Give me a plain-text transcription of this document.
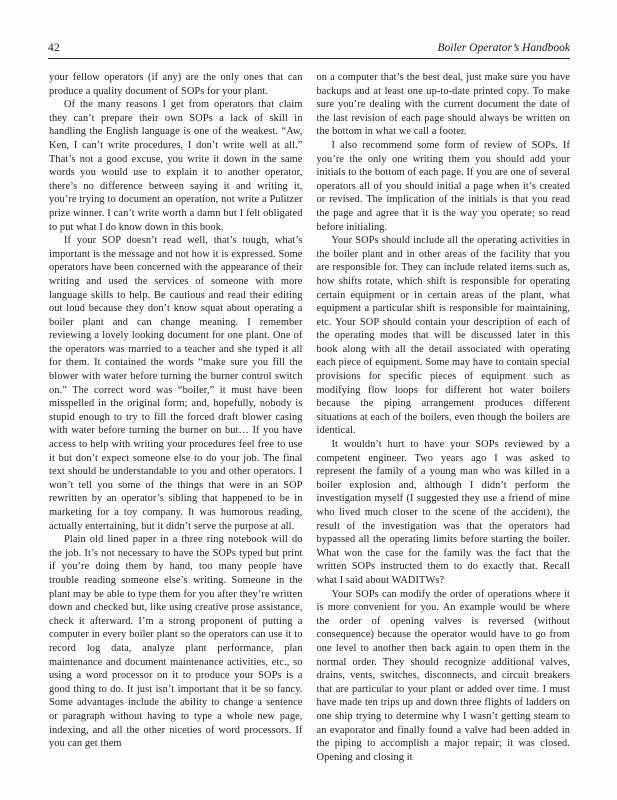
42	Boiler Operator’s Handbook

your fellow operators (if any) are the only ones that can produce a quality document of SOPs for your plant.

Of the many reasons I get from operators that claim they can’t prepare their own SOPs a lack of skill in handling the English language is one of the weakest. “Aw, Ken, I can’t write procedures, I don’t write well at all.” That’s not a good excuse, you write it down in the same words you would use to explain it to another operator, there’s no difference between saying it and writing it, you’re trying to document an operation, not write a Pulitzer prize winner. I can’t write worth a damn but I felt obligated to put what I do know down in this book.

If your SOP doesn’t read well, that’s tough, what’s important is the message and not how it is expressed. Some operators have been concerned with the appearance of their writing and used the services of someone with more language skills to help. Be cautious and read their editing out loud because they don’t know squat about operating a boiler plant and can change meaning. I remember reviewing a lovely looking document for one plant. One of the operators was married to a teacher and she typed it all for them. It contained the words “make sure you fill the blower with water before turning the burner control switch on.” The correct word was “boiler,” it must have been misspelled in the original form; and, hopefully, nobody is stupid enough to try to fill the forced draft blower casing with water before turning the burner on but… If you have access to help with writing your procedures feel free to use it but don’t expect someone else to do your job. The final text should be understandable to you and other operators. I won’t tell you some of the things that were in an SOP rewritten by an operator’s sibling that happened to be in marketing for a toy company. It was humorous reading, actually entertaining, but it didn’t serve the purpose at all.

Plain old lined paper in a three ring notebook will do the job. It’s not necessary to have the SOPs typed but print if you’re doing them by hand, too many people have trouble reading someone else’s writing. Someone in the plant may be able to type them for you after they’re written down and checked but, like using creative prose assistance, check it afterward. I’m a strong proponent of putting a computer in every boiler plant so the operators can use it to record log data, analyze plant performance, plan maintenance and document maintenance activities, etc., so using a word processor on it to produce your SOPs is a good thing to do. It just isn’t important that it be so fancy. Some advantages include the ability to change a sentence or paragraph without having to type a whole new page, indexing, and all the other niceties of word processors. If you can get them

on a computer that’s the best deal, just make sure you have backups and at least one up-to-date printed copy. To make sure you’re dealing with the current document the date of the last revision of each page should always be written on the bottom in what we call a footer.

I also recommend some form of review of SOPs. If you’re the only one writing them you should add your initials to the bottom of each page. If you are one of several operators all of you should initial a page when it’s created or revised. The implication of the initials is that you read the page and agree that it is the way you operate; so read before initialing.

Your SOPs should include all the operating activities in the boiler plant and in other areas of the facility that you are responsible for. They can include related items such as, how shifts rotate, which shift is responsible for operating certain equipment or in certain areas of the plant, what equipment a particular shift is responsible for maintaining, etc. Your SOP should contain your description of each of the operating modes that will be discussed later in this book along with all the detail associated with operating each piece of equipment. Some may have to contain special provisions for specific pieces of equipment such as modifying flow loops for different hot water boilers because the piping arrangement produces different situations at each of the boilers, even though the boilers are identical.

It wouldn’t hurt to have your SOPs reviewed by a competent engineer. Two years ago I was asked to represent the family of a young man who was killed in a boiler explosion and, although I didn’t perform the investigation myself (I suggested they use a friend of mine who lived much closer to the scene of the accident), the result of the investigation was that the operators had bypassed all the operating limits before starting the boiler. What won the case for the family was the fact that the written SOPs instructed them to do exactly that. Recall what I said about WADITWs?

Your SOPs can modify the order of operations where it is more convenient for you. An example would be where the order of opening valves is reversed (without consequence) because the operator would have to go from one level to another then back again to open them in the normal order. They should recognize additional valves, drains, vents, switches, disconnects, and circuit breakers that are particular to your plant or added over time. I must have made ten trips up and down three flights of ladders on one ship trying to determine why I wasn’t getting steam to an evaporator and finally found a valve had been added in the piping to accomplish a major repair; it was closed. Opening and closing it
